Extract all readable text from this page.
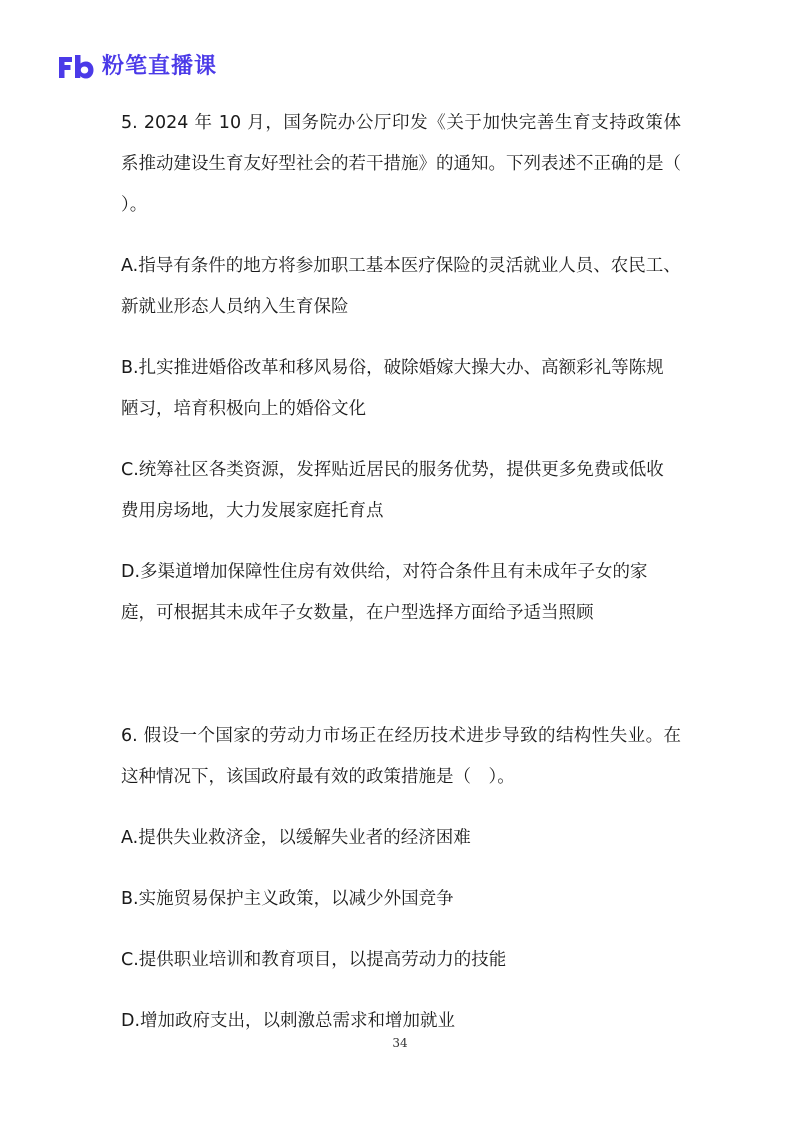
粉笔直播课

5. 2024 年 10 月，国务院办公厅印发《关于加快完善生育支持政策体系推动建设生育友好型社会的若干措施》的通知。下列表述不正确的是（　　）。

A.指导有条件的地方将参加职工基本医疗保险的灵活就业人员、农民工、新就业形态人员纳入生育保险

B.扎实推进婚俗改革和移风易俗，破除婚嫁大操大办、高额彩礼等陈规陋习，培育积极向上的婚俗文化

C.统筹社区各类资源，发挥贴近居民的服务优势，提供更多免费或低收费用房场地，大力发展家庭托育点

D.多渠道增加保障性住房有效供给，对符合条件且有未成年子女的家庭，可根据其未成年子女数量，在户型选择方面给予适当照顾

6. 假设一个国家的劳动力市场正在经历技术进步导致的结构性失业。在这种情况下，该国政府最有效的政策措施是（　）。

A.提供失业救济金，以缓解失业者的经济困难

B.实施贸易保护主义政策，以减少外国竞争

C.提供职业培训和教育项目，以提高劳动力的技能

D.增加政府支出，以刺激总需求和增加就业

34
